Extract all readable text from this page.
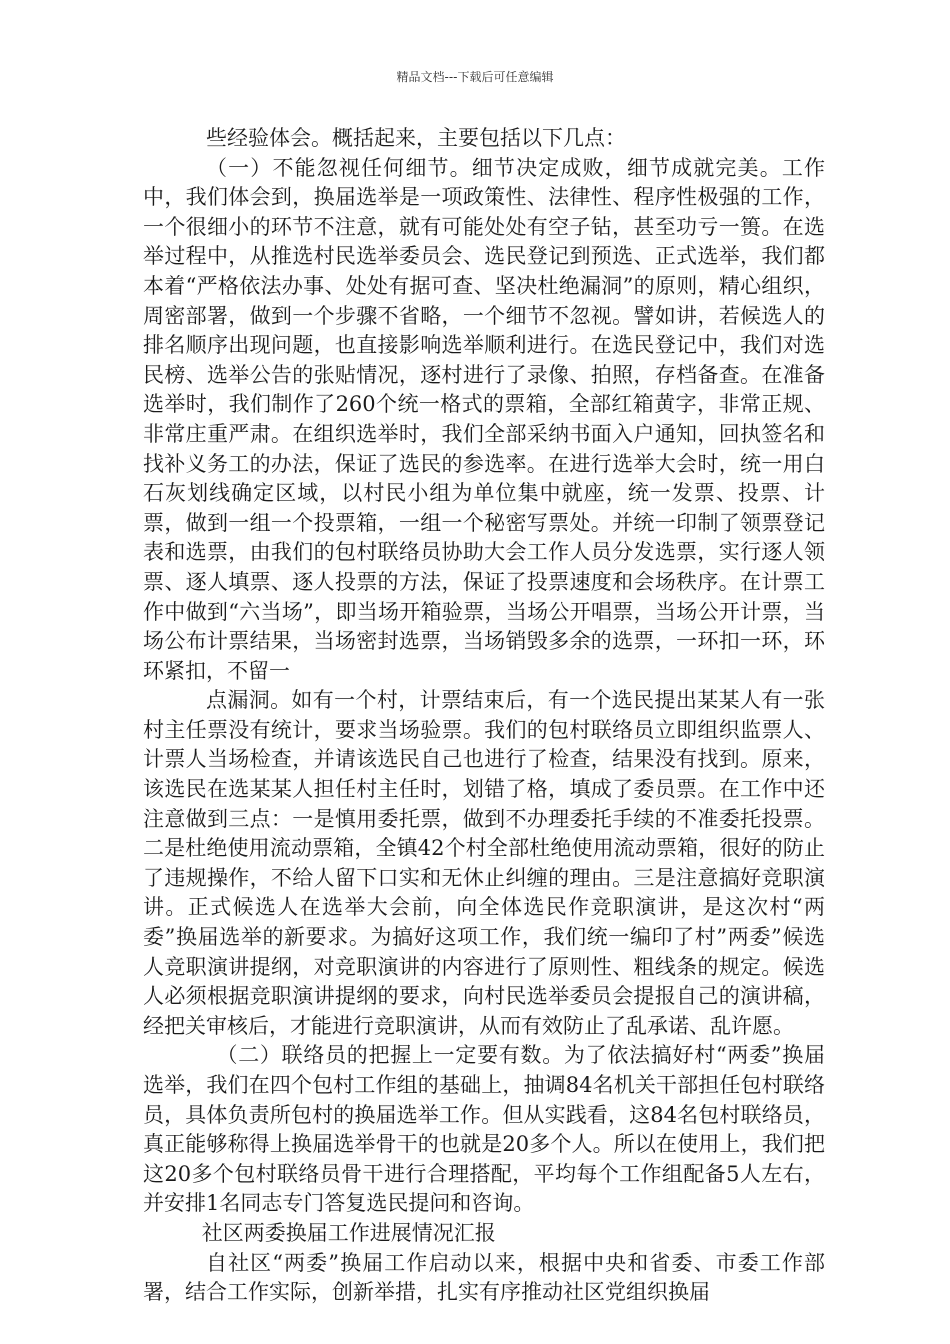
精品文档---下载后可任意编辑

些经验体会。概括起来，主要包括以下几点：

（一）不能忽视任何细节。细节决定成败，细节成就完美。工作中，我们体会到，换届选举是一项政策性、法律性、程序性极强的工作，一个很细小的环节不注意，就有可能处处有空子钻，甚至功亏一篑。在选举过程中，从推选村民选举委员会、选民登记到预选、正式选举，我们都本着“严格依法办事、处处有据可查、坚决杜绝漏洞”的原则，精心组织，周密部署，做到一个步骤不省略，一个细节不忽视。譬如讲，若候选人的排名顺序出现问题，也直接影响选举顺利进行。在选民登记中，我们对选民榜、选举公告的张贴情况，逐村进行了录像、拍照，存档备查。在准备选举时，我们制作了260个统一格式的票箱，全部红箱黄字，非常正规、非常庄重严肃。在组织选举时，我们全部采纳书面入户通知，回执签名和找补义务工的办法，保证了选民的参选率。在进行选举大会时，统一用白石灰划线确定区域，以村民小组为单位集中就座，统一发票、投票、计票，做到一组一个投票箱，一组一个秘密写票处。并统一印制了领票登记表和选票，由我们的包村联络员协助大会工作人员分发选票，实行逐人领票、逐人填票、逐人投票的方法，保证了投票速度和会场秩序。在计票工作中做到“六当场”，即当场开箱验票，当场公开唱票，当场公开计票，当场公布计票结果，当场密封选票，当场销毁多余的选票，一环扣一环，环环紧扣，不留一

点漏洞。如有一个村，计票结束后，有一个选民提出某某人有一张村主任票没有统计，要求当场验票。我们的包村联络员立即组织监票人、计票人当场检查，并请该选民自己也进行了检查，结果没有找到。原来，该选民在选某某人担任村主任时，划错了格，填成了委员票。在工作中还注意做到三点：一是慎用委托票，做到不办理委托手续的不准委托投票。二是杜绝使用流动票箱，全镇42个村全部杜绝使用流动票箱，很好的防止了违规操作，不给人留下口实和无休止纠缠的理由。三是注意搞好竞职演讲。正式候选人在选举大会前，向全体选民作竞职演讲，是这次村“两委”换届选举的新要求。为搞好这项工作，我们统一编印了村”两委”候选人竞职演讲提纲，对竞职演讲的内容进行了原则性、粗线条的规定。候选人必须根据竞职演讲提纲的要求，向村民选举委员会提报自己的演讲稿，经把关审核后，才能进行竞职演讲，从而有效防止了乱承诺、乱许愿。

（二）联络员的把握上一定要有数。为了依法搞好村“两委”换届选举，我们在四个包村工作组的基础上，抽调84名机关干部担任包村联络员，具体负责所包村的换届选举工作。但从实践看，这84名包村联络员，真正能够称得上换届选举骨干的也就是20多个人。所以在使用上，我们把这20多个包村联络员骨干进行合理搭配，平均每个工作组配备5人左右，并安排1名同志专门答复选民提问和咨询。

社区两委换届工作进展情况汇报

自社区“两委”换届工作启动以来，根据中央和省委、市委工作部署，结合工作实际，创新举措，扎实有序推动社区党组织换届
